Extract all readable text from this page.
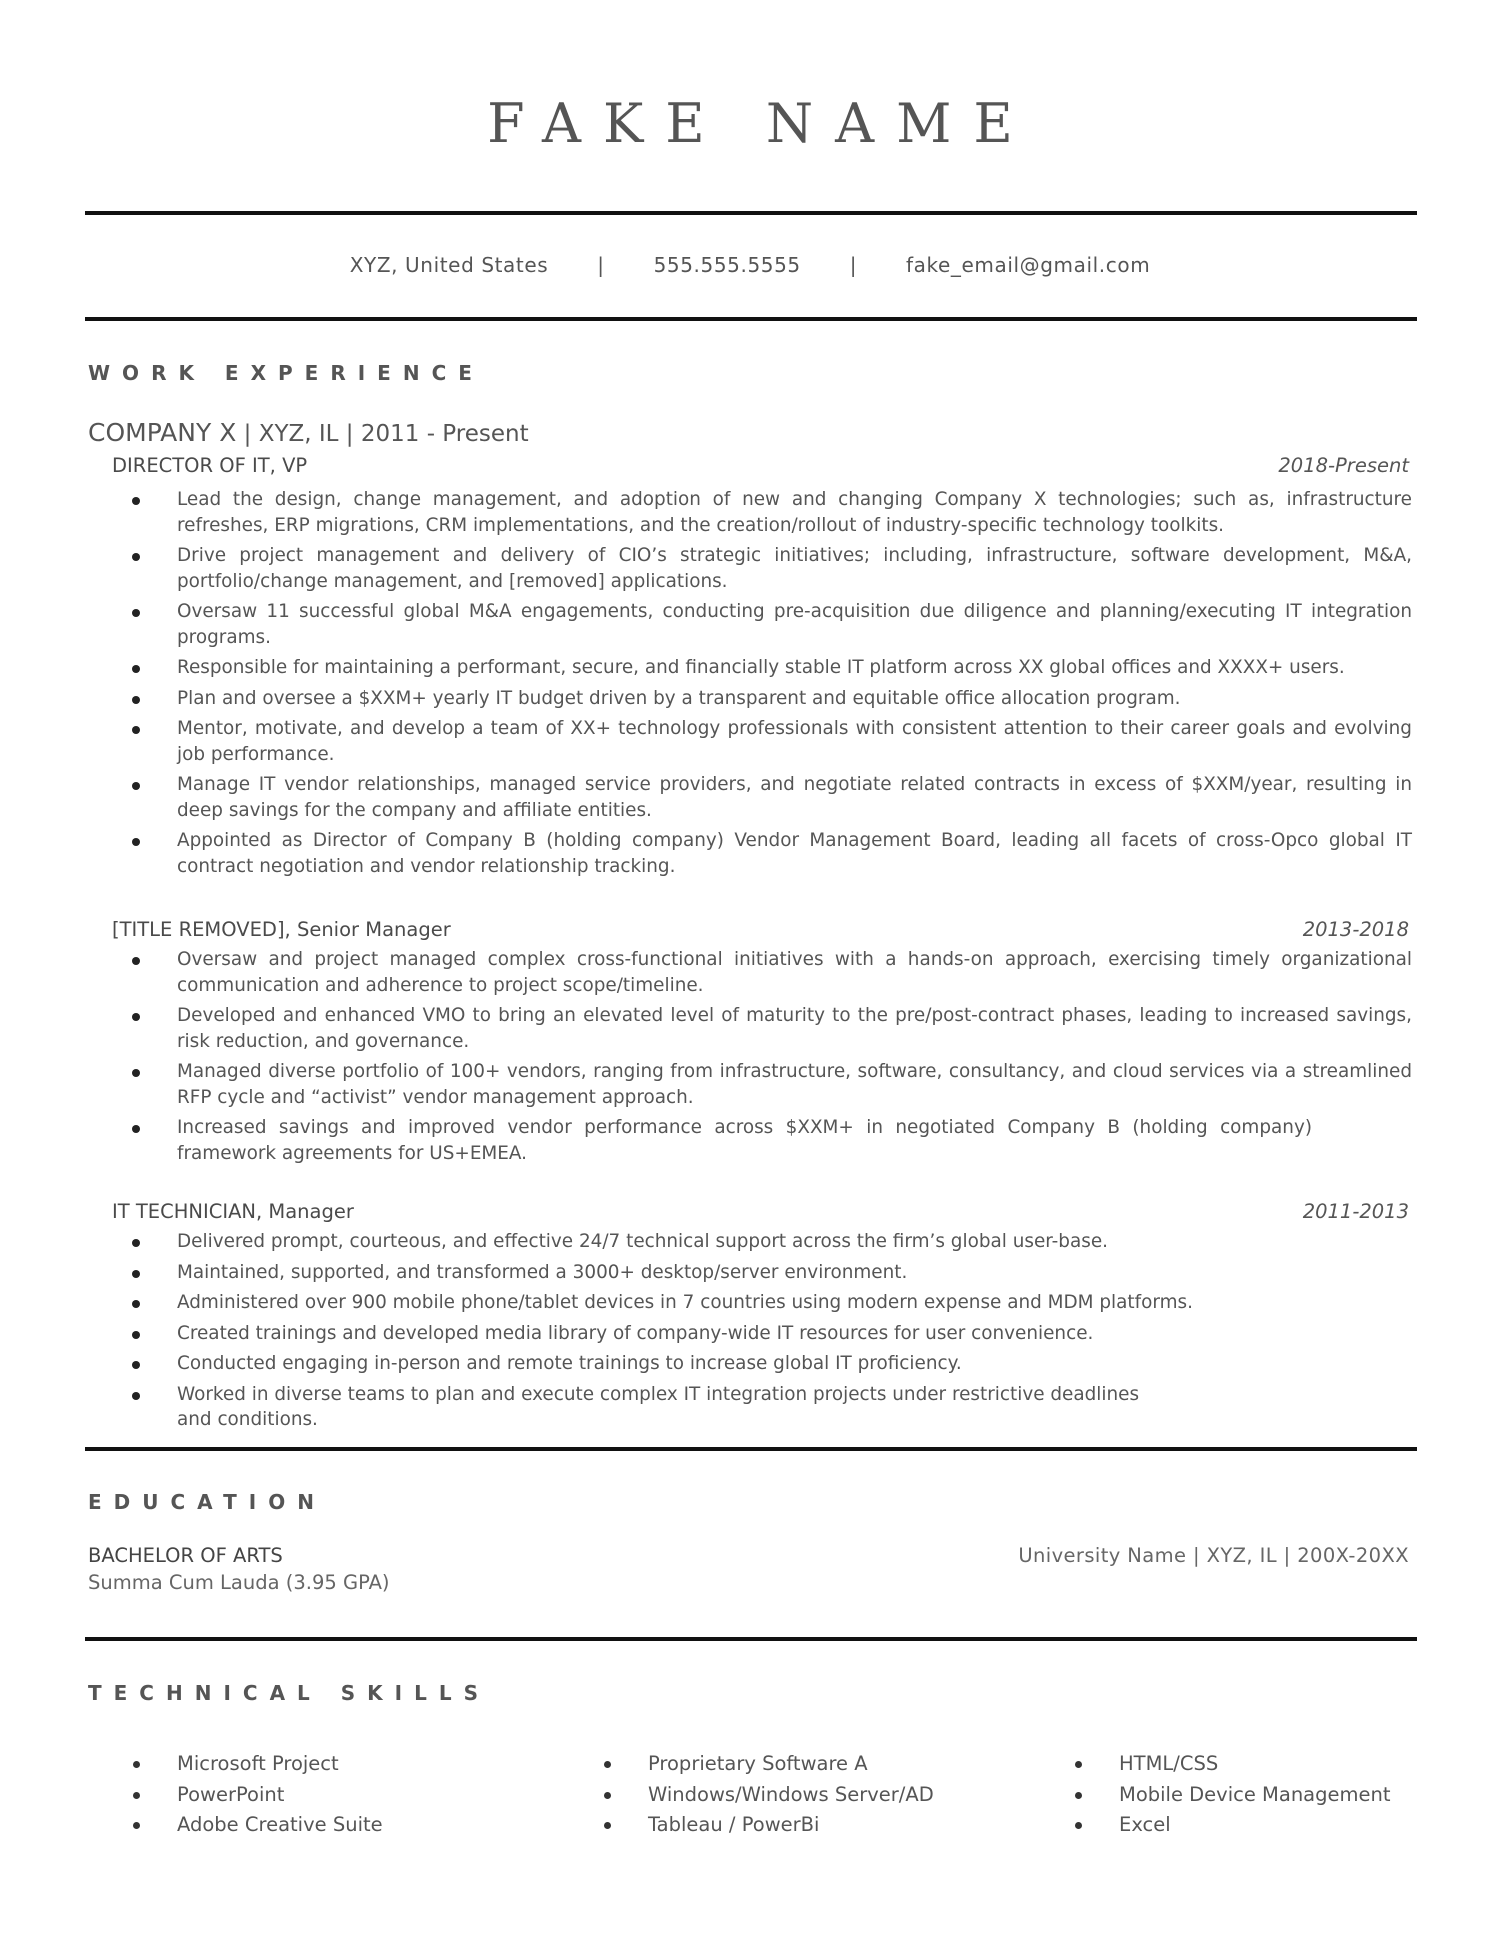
FAKE NAME
XYZ, United States | 555.555.5555 | fake_email@gmail.com
WORK EXPERIENCE
COMPANY X | XYZ, IL | 2011 - Present
DIRECTOR OF IT, VP	2018-Present
Lead the design, change management, and adoption of new and changing Company X technologies; such as, infrastructure refreshes, ERP migrations, CRM implementations, and the creation/rollout of industry-specific technology toolkits.
Drive project management and delivery of CIO’s strategic initiatives; including, infrastructure, software development, M&A, portfolio/change management, and [removed] applications.
Oversaw 11 successful global M&A engagements, conducting pre-acquisition due diligence and planning/executing IT integration programs.
Responsible for maintaining a performant, secure, and financially stable IT platform across XX global offices and XXXX+ users.
Plan and oversee a $XXM+ yearly IT budget driven by a transparent and equitable office allocation program.
Mentor, motivate, and develop a team of XX+ technology professionals with consistent attention to their career goals and evolving job performance.
Manage IT vendor relationships, managed service providers, and negotiate related contracts in excess of $XXM/year, resulting in deep savings for the company and affiliate entities.
Appointed as Director of Company B (holding company) Vendor Management Board, leading all facets of cross-Opco global IT contract negotiation and vendor relationship tracking.
[TITLE REMOVED], Senior Manager	2013-2018
Oversaw and project managed complex cross-functional initiatives with a hands-on approach, exercising timely organizational communication and adherence to project scope/timeline.
Developed and enhanced VMO to bring an elevated level of maturity to the pre/post-contract phases, leading to increased savings, risk reduction, and governance.
Managed diverse portfolio of 100+ vendors, ranging from infrastructure, software, consultancy, and cloud services via a streamlined RFP cycle and “activist” vendor management approach.
Increased savings and improved vendor performance across $XXM+ in negotiated Company B (holding company) framework agreements for US+EMEA.
IT TECHNICIAN, Manager	2011-2013
Delivered prompt, courteous, and effective 24/7 technical support across the firm’s global user-base.
Maintained, supported, and transformed a 3000+ desktop/server environment.
Administered over 900 mobile phone/tablet devices in 7 countries using modern expense and MDM platforms.
Created trainings and developed media library of company-wide IT resources for user convenience.
Conducted engaging in-person and remote trainings to increase global IT proficiency.
Worked in diverse teams to plan and execute complex IT integration projects under restrictive deadlines and conditions.
EDUCATION
BACHELOR OF ARTS
Summa Cum Lauda (3.95 GPA)
University Name | XYZ, IL | 200X-20XX
TECHNICAL SKILLS
Microsoft Project
PowerPoint
Adobe Creative Suite
Proprietary Software A
Windows/Windows Server/AD
Tableau / PowerBi
HTML/CSS
Mobile Device Management
Excel
